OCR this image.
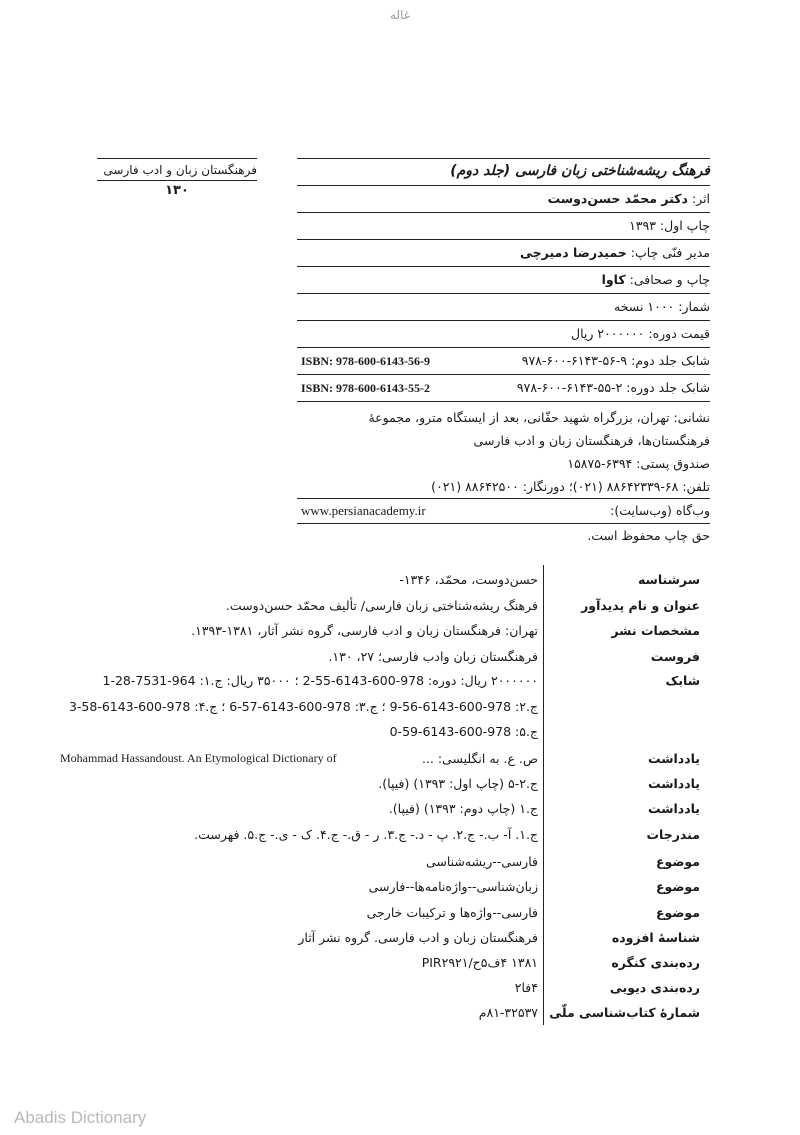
غاله
فرهنگستان زبان و ادب فارسی
۱۳۰
فرهنگ ریشه‌شناختی زبان فارسی (جلد دوم)
اثر: دکتر محمّد حسن‌دوست
چاپ اول: ۱۳۹۳
مدیر فنّی چاپ: حمیدرضا دمیرچی
چاپ و صحافی: کاوا
شمار: ۱۰۰۰ نسخه
قیمت دوره: ۲۰۰۰۰۰۰ ریال
شابک جلد دوم: ۹-۵۶-۶۱۴۳-۶۰۰-۹۷۸
ISBN: 978-600-6143-56-9
شابک جلد دوره: ۲-۵۵-۶۱۴۳-۶۰۰-۹۷۸
ISBN: 978-600-6143-55-2
نشانی: تهران، بزرگراه شهید حقّانی، بعد از ایستگاه مترو، مجموعۀ
فرهنگستان‌ها، فرهنگستان زبان و ادب فارسی
صندوق پستی: ۶۳۹۴-۱۵۸۷۵
تلفن: ۶۸-۸۸۶۴۲۳۳۹ (۰۲۱)؛ دورنگار: ۸۸۶۴۲۵۰۰ (۰۲۱)
وب‌گاه (وب‌سایت):
www.persianacademy.ir
حق چاپ محفوظ است.
سرشناسه
حسن‌دوست، محمّد، ۱۳۴۶-
عنوان و نام پدیدآور
فرهنگ ریشه‌شناختی زبان فارسی/ تألیف محمّد حسن‌دوست.
مشخصات نشر
تهران: فرهنگستان زبان و ادب فارسی، گروه نشر آثار، ۱۳۸۱-۱۳۹۳.
فروست
فرهنگستان زبان وادب فارسی؛ ۲۷، ۱۳۰.
شابک
۲۰۰۰۰۰۰ ریال: دوره: 978-600-6143-55-2 ؛ ۳۵۰۰۰ ریال: ج.۱: 964-7531-28-1
ج.۲: 978-600-6143-56-9 ؛ ج.۳: 978-600-6143-57-6 ؛ ج.۴: 978-600-6143-58-3
ج.۵: 978-600-6143-59-0
یادداشت
ص. ع. به انگلیسی: ...
Mohammad Hassandoust. An Etymological Dictionary of
یادداشت
ج.۲-۵ (چاپ اول: ۱۳۹۳) (فیپا).
یادداشت
ج.۱ (چاپ دوم: ۱۳۹۳) (فیپا).
مندرجات
ج.۱. آ- ب.- ج.۲. پ - د.- ج.۳. ر - ق.- ج.۴. ک - ی.- ج.۵. فهرست.
موضوع
فارسی--ریشه‌شناسی
موضوع
زبان‌شناسی--واژه‌نامه‌ها--فارسی
موضوع
فارسی--واژه‌ها و ترکیبات خارجی
شناسهٔ افزوده
فرهنگستان زبان و ادب فارسی. گروه نشر آثار
رده‌بندی کنگره
۱۳۸۱ ۴ف۵ح/PIR۲۹۲۱
رده‌بندی دیویی
۴فا۲
شمارهٔ کتاب‌شناسی ملّی
۸۱-۳۲۵۳۷م
Abadis Dictionary
